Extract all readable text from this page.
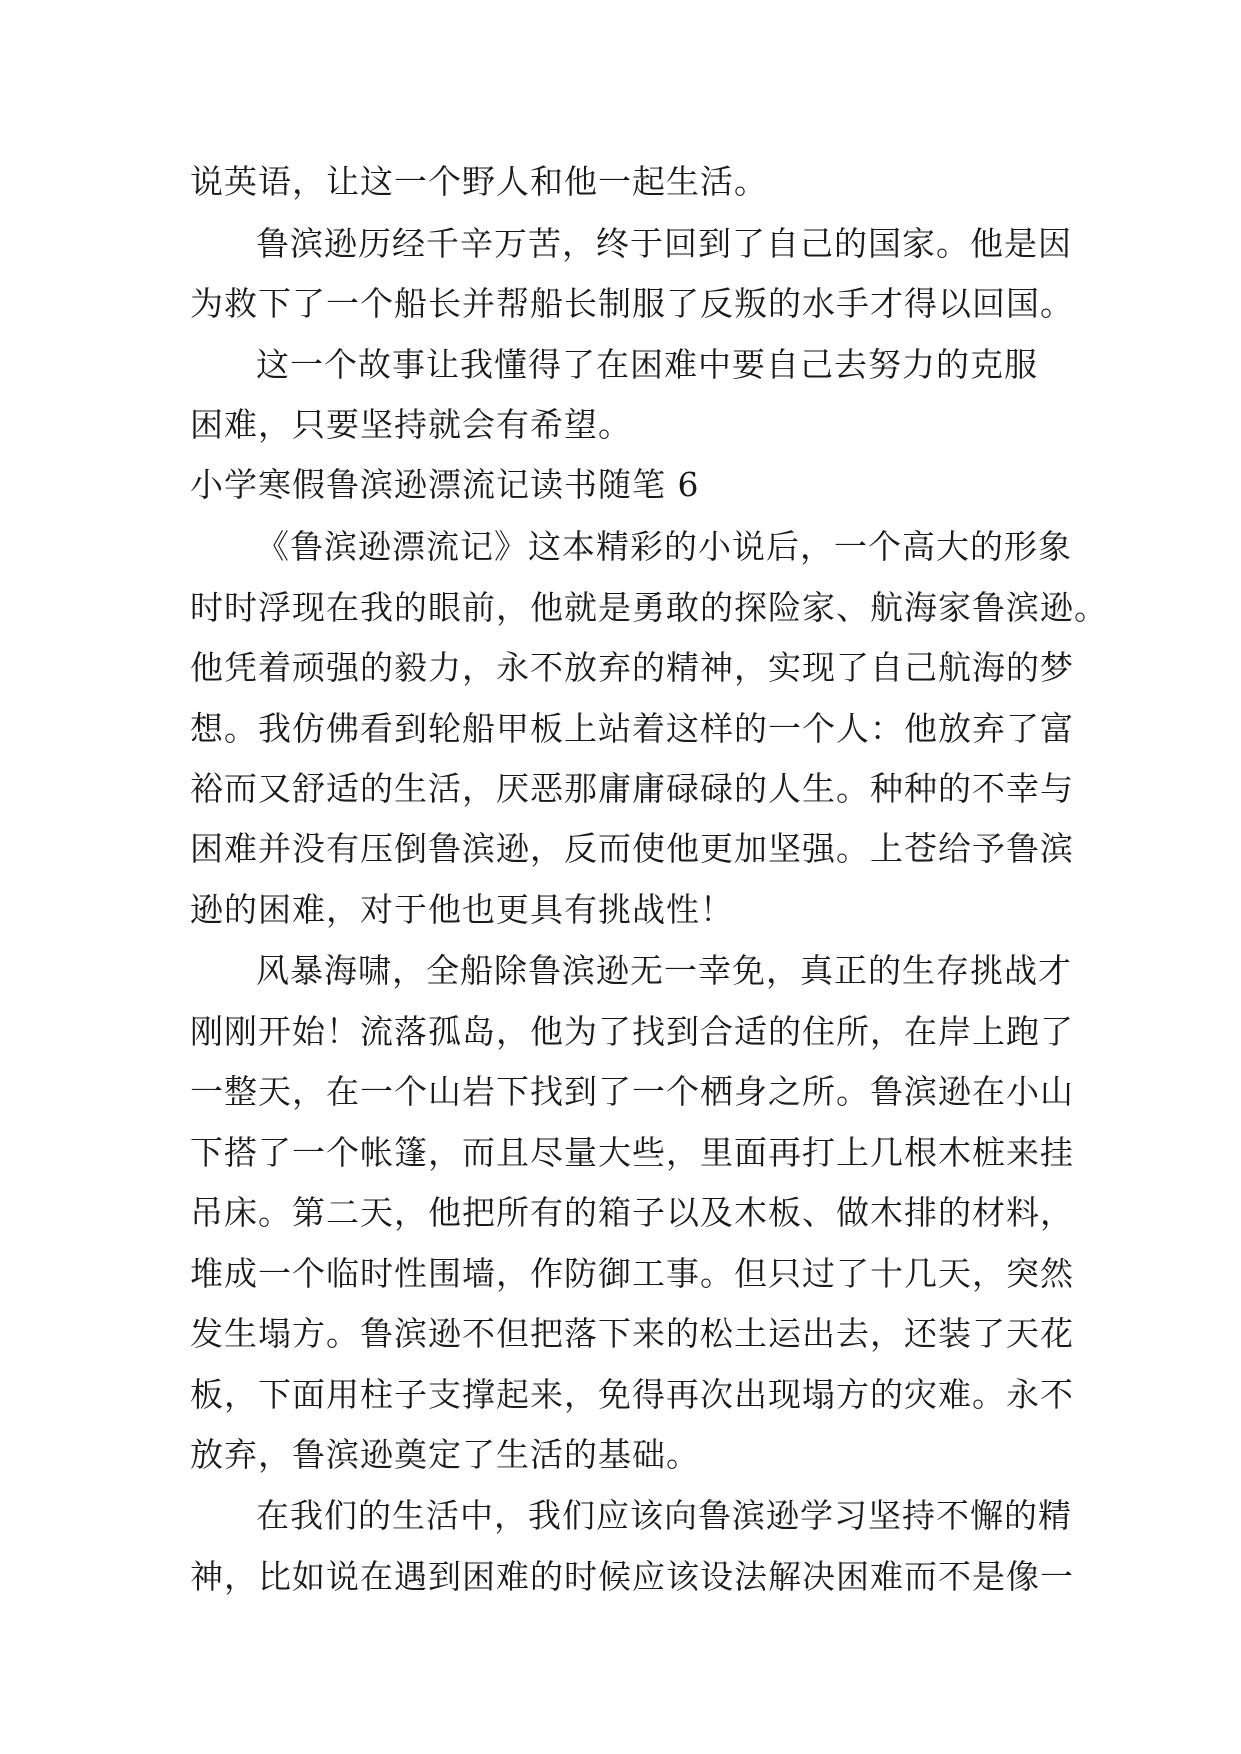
说英语，让这一个野人和他一起生活。
鲁滨逊历经千辛万苦，终于回到了自己的国家。他是因
为救下了一个船长并帮船长制服了反叛的水手才得以回国。
这一个故事让我懂得了在困难中要自己去努力的克服
困难，只要坚持就会有希望。
小学寒假鲁滨逊漂流记读书随笔 6
《鲁滨逊漂流记》这本精彩的小说后，一个高大的形象
时时浮现在我的眼前，他就是勇敢的探险家、航海家鲁滨逊。
他凭着顽强的毅力，永不放弃的精神，实现了自己航海的梦
想。我仿佛看到轮船甲板上站着这样的一个人：他放弃了富
裕而又舒适的生活，厌恶那庸庸碌碌的人生。种种的不幸与
困难并没有压倒鲁滨逊，反而使他更加坚强。上苍给予鲁滨
逊的困难，对于他也更具有挑战性！
风暴海啸，全船除鲁滨逊无一幸免，真正的生存挑战才
刚刚开始！流落孤岛，他为了找到合适的住所，在岸上跑了
一整天，在一个山岩下找到了一个栖身之所。鲁滨逊在小山
下搭了一个帐篷，而且尽量大些，里面再打上几根木桩来挂
吊床。第二天，他把所有的箱子以及木板、做木排的材料，
堆成一个临时性围墙，作防御工事。但只过了十几天，突然
发生塌方。鲁滨逊不但把落下来的松土运出去，还装了天花
板，下面用柱子支撑起来，免得再次出现塌方的灾难。永不
放弃，鲁滨逊奠定了生活的基础。
在我们的生活中，我们应该向鲁滨逊学习坚持不懈的精
神，比如说在遇到困难的时候应该设法解决困难而不是像一
